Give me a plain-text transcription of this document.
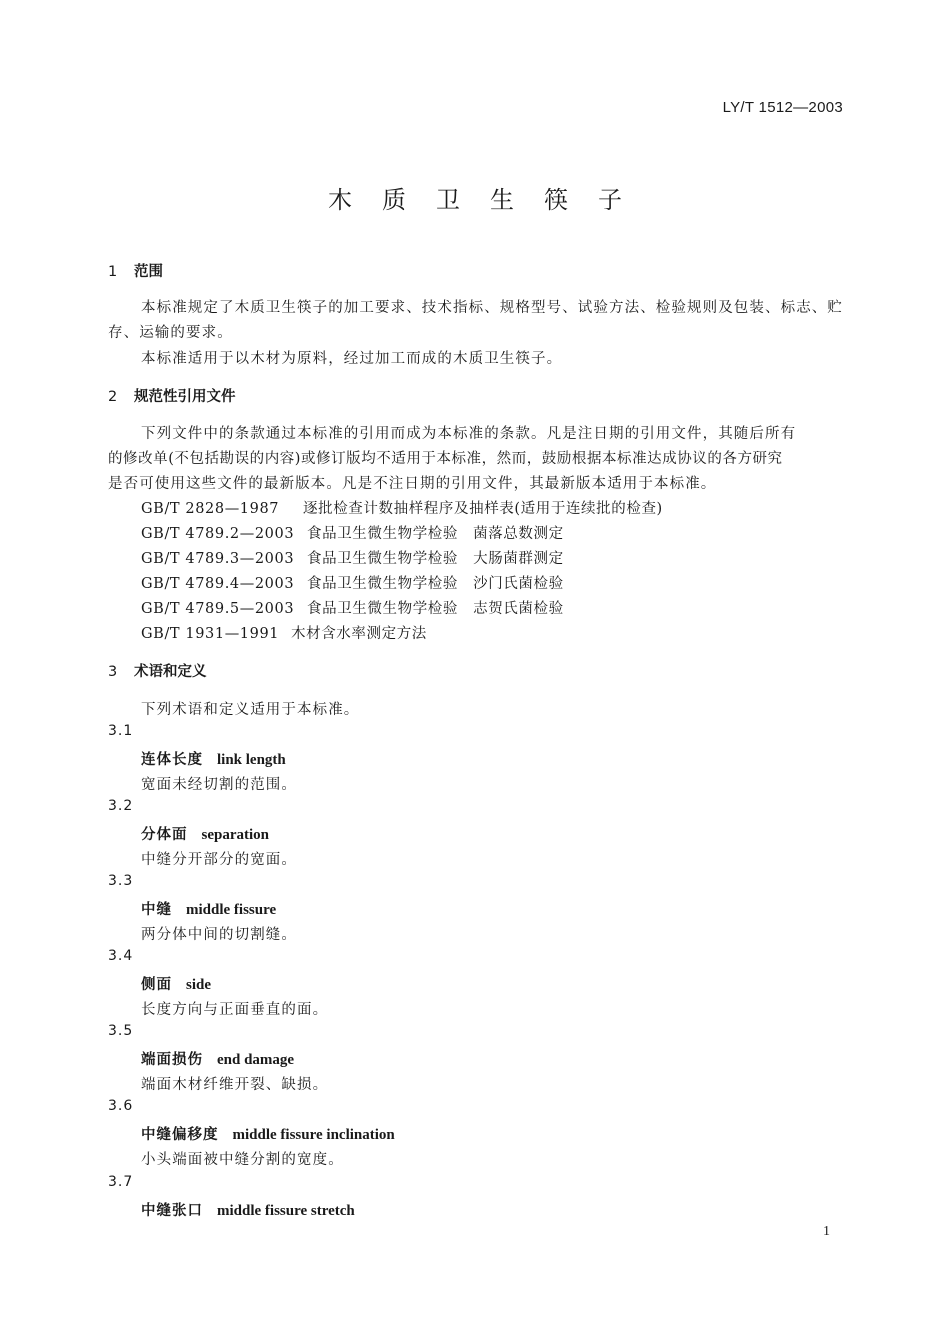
LY/T 1512—2003
木质卫生筷子
1 范围
本标准规定了木质卫生筷子的加工要求、技术指标、规格型号、试验方法、检验规则及包装、标志、贮
存、运输的要求。
本标准适用于以木材为原料，经过加工而成的木质卫生筷子。
2 规范性引用文件
下列文件中的条款通过本标准的引用而成为本标准的条款。凡是注日期的引用文件，其随后所有
的修改单(不包括勘误的内容)或修订版均不适用于本标准，然而，鼓励根据本标准达成协议的各方研究
是否可使用这些文件的最新版本。凡是不注日期的引用文件，其最新版本适用于本标准。
GB/T 2828—1987 逐批检查计数抽样程序及抽样表(适用于连续批的检查)
GB/T 4789.2—2003 食品卫生微生物学检验　菌落总数测定
GB/T 4789.3—2003 食品卫生微生物学检验　大肠菌群测定
GB/T 4789.4—2003 食品卫生微生物学检验　沙门氏菌检验
GB/T 4789.5—2003 食品卫生微生物学检验　志贺氏菌检验
GB/T 1931—1991 木材含水率测定方法
3 术语和定义
下列术语和定义适用于本标准。
3.1
连体长度 link length
宽面未经切割的范围。
3.2
分体面 separation
中缝分开部分的宽面。
3.3
中缝 middle fissure
两分体中间的切割缝。
3.4
侧面 side
长度方向与正面垂直的面。
3.5
端面损伤 end damage
端面木材纤维开裂、缺损。
3.6
中缝偏移度 middle fissure inclination
小头端面被中缝分割的宽度。
3.7
中缝张口 middle fissure stretch
1
